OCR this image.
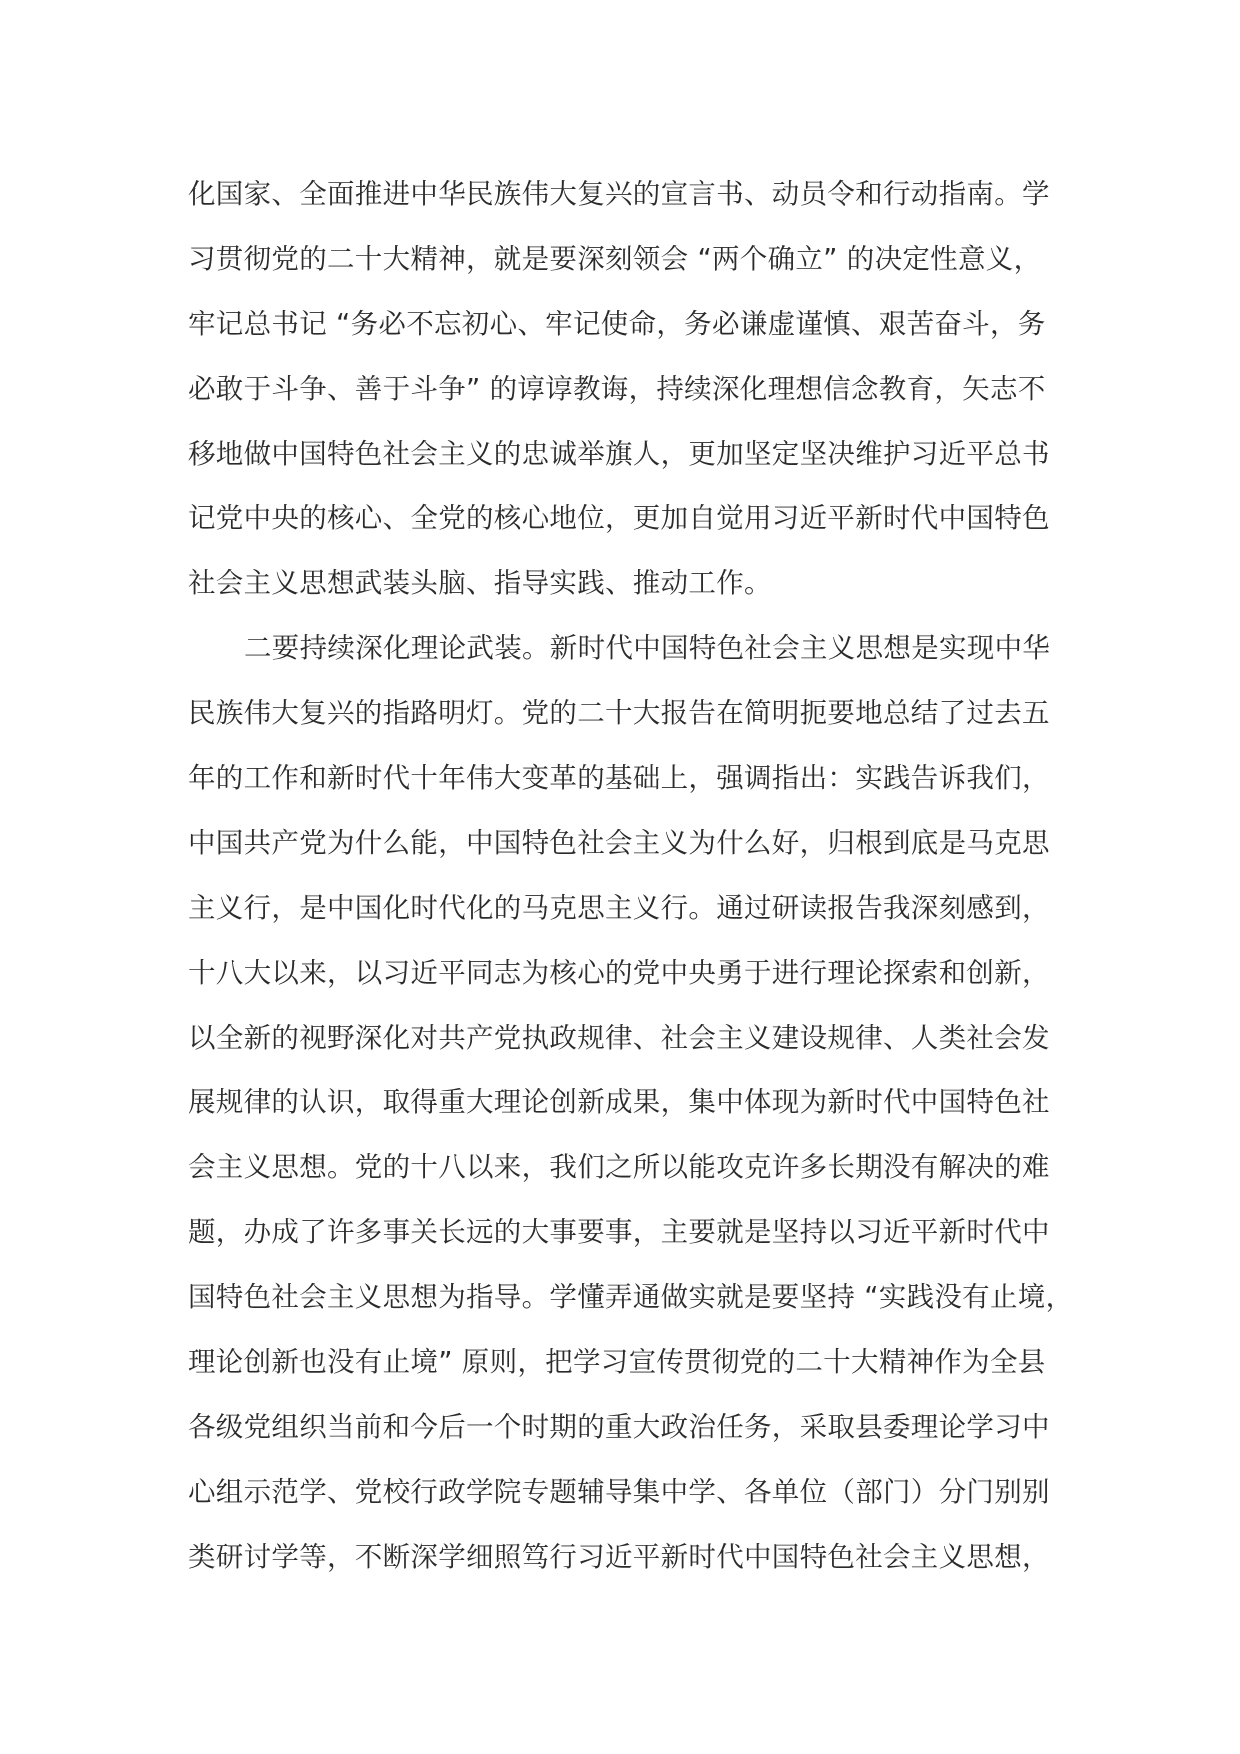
化国家、全面推进中华民族伟大复兴的宣言书、动员令和行动指南。学
习贯彻党的二十大精神，就是要深刻领会 “两个确立” 的决定性意义，
牢记总书记 “务必不忘初心、牢记使命，务必谦虚谨慎、艰苦奋斗，务
必敢于斗争、善于斗争” 的谆谆教诲，持续深化理想信念教育，矢志不
移地做中国特色社会主义的忠诚举旗人，更加坚定坚决维护习近平总书
记党中央的核心、全党的核心地位，更加自觉用习近平新时代中国特色
社会主义思想武装头脑、指导实践、推动工作。
二要持续深化理论武装。新时代中国特色社会主义思想是实现中华
民族伟大复兴的指路明灯。党的二十大报告在简明扼要地总结了过去五
年的工作和新时代十年伟大变革的基础上，强调指出：实践告诉我们，
中国共产党为什么能，中国特色社会主义为什么好，归根到底是马克思
主义行，是中国化时代化的马克思主义行。通过研读报告我深刻感到，
十八大以来，以习近平同志为核心的党中央勇于进行理论探索和创新，
以全新的视野深化对共产党执政规律、社会主义建设规律、人类社会发
展规律的认识，取得重大理论创新成果，集中体现为新时代中国特色社
会主义思想。党的十八以来，我们之所以能攻克许多长期没有解决的难
题，办成了许多事关长远的大事要事，主要就是坚持以习近平新时代中
国特色社会主义思想为指导。学懂弄通做实就是要坚持 “实践没有止境，
理论创新也没有止境” 原则，把学习宣传贯彻党的二十大精神作为全县
各级党组织当前和今后一个时期的重大政治任务，采取县委理论学习中
心组示范学、党校行政学院专题辅导集中学、各单位（部门）分门别别
类研讨学等，不断深学细照笃行习近平新时代中国特色社会主义思想，
